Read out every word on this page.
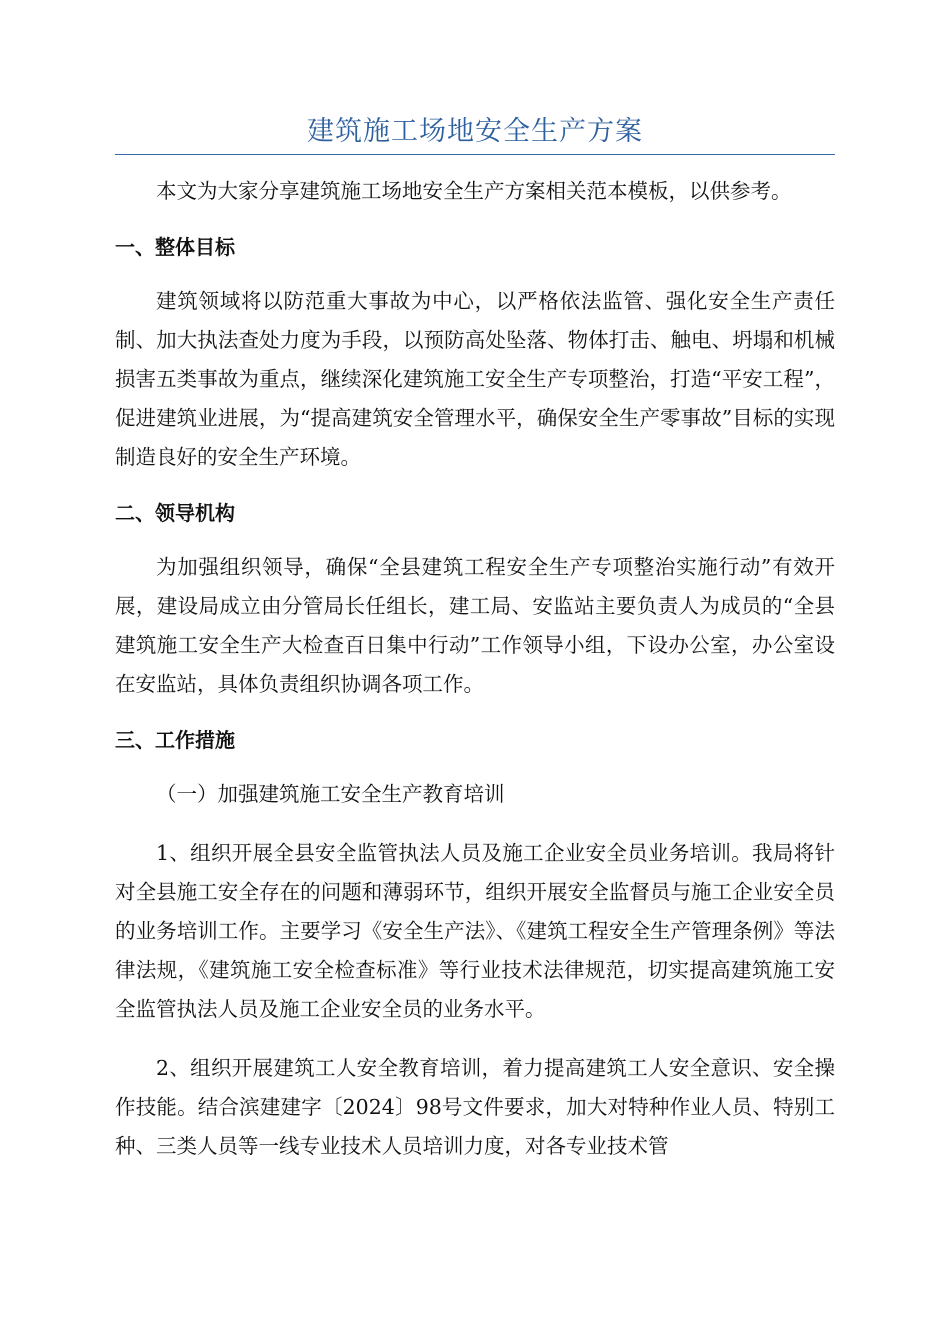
建筑施工场地安全生产方案

本文为大家分享建筑施工场地安全生产方案相关范本模板，以供参考。

一、整体目标

建筑领域将以防范重大事故为中心，以严格依法监管、强化安全生产责任制、加大执法查处力度为手段，以预防高处坠落、物体打击、触电、坍塌和机械损害五类事故为重点，继续深化建筑施工安全生产专项整治，打造“平安工程”，促进建筑业进展，为“提高建筑安全管理水平，确保安全生产零事故”目标的实现制造良好的安全生产环境。

二、领导机构

为加强组织领导，确保“全县建筑工程安全生产专项整治实施行动”有效开展，建设局成立由分管局长任组长，建工局、安监站主要负责人为成员的“全县建筑施工安全生产大检查百日集中行动”工作领导小组，下设办公室，办公室设在安监站，具体负责组织协调各项工作。

三、工作措施

（一）加强建筑施工安全生产教育培训

1、组织开展全县安全监管执法人员及施工企业安全员业务培训。我局将针对全县施工安全存在的问题和薄弱环节，组织开展安全监督员与施工企业安全员的业务培训工作。主要学习《安全生产法》、《建筑工程安全生产管理条例》等法律法规，《建筑施工安全检查标准》等行业技术法律规范，切实提高建筑施工安全监管执法人员及施工企业安全员的业务水平。

2、组织开展建筑工人安全教育培训，着力提高建筑工人安全意识、安全操作技能。结合滨建建字〔2024〕98号文件要求，加大对特种作业人员、特别工种、三类人员等一线专业技术人员培训力度，对各专业技术管
